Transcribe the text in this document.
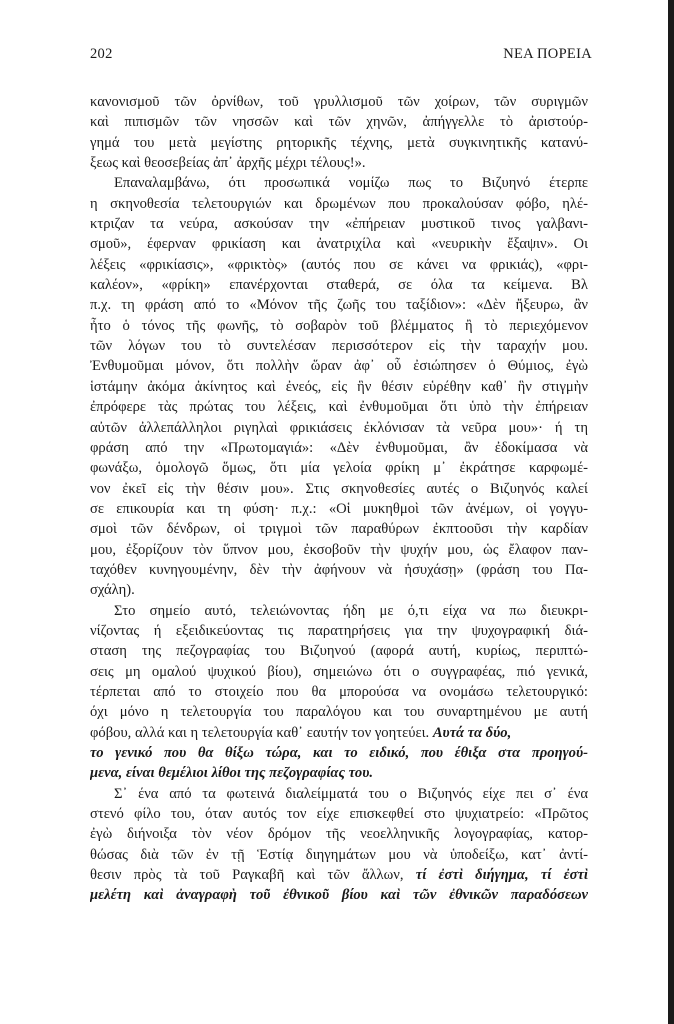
202	ΝΕΑ ΠΟΡΕΙΑ
κανονισμοῦ τῶν ὀρνίθων, τοῦ γρυλλισμοῦ τῶν χοίρων, τῶν συριγμῶν
καὶ πιπισμῶν τῶν νησσῶν καὶ τῶν χηνῶν, ἀπήγγελλε τὸ ἀριστούρ-
γημά του μετὰ μεγίστης ρητορικῆς τέχνης, μετὰ συγκινητικῆς κατανύ-
ξεως καὶ θεοσεβείας ἀπ᾽ ἀρχῆς μέχρι τέλους!».
Επαναλαμβάνω, ότι προσωπικά νομίζω πως το Βιζυηνό έτερπε
η σκηνοθεσία τελετουργιών και δρωμένων που προκαλούσαν φόβο, ηλέ-
κτριζαν τα νεύρα, ασκούσαν την «ἐπήρειαν μυστικοῦ τινος γαλβανι-
σμοῦ», έφερναν φρικίαση και ἀνατριχίλα καὶ «νευρικὴν ἔξαψιν». Οι
λέξεις «φρικίασις», «φρικτὸς» (αυτός που σε κάνει να φρικιάς), «φρι-
καλέον», «φρίκη» επανέρχονται σταθερά, σε όλα τα κείμενα. Βλ
π.χ. τη φράση από το «Μόνον τῆς ζωῆς του ταξίδιον»: «Δὲν ἤξευρω, ἂν
ἦτο ὁ τόνος τῆς φωνῆς, τὸ σοβαρὸν τοῦ βλέμματος ἢ τὸ περιεχόμενον
τῶν λόγων του τὸ συντελέσαν περισσότερον εἰς τὴν ταραχήν μου.
Ἐνθυμοῦμαι μόνον, ὅτι πολλὴν ὥραν ἀφ᾽ οὗ ἐσιώπησεν ὁ Θύμιος, ἐγὼ
ἱστάμην ἀκόμα ἀκίνητος καὶ ἐνεός, εἰς ἣν θέσιν εὑρέθην καθ᾽ ἣν στιγμὴν
ἐπρόφερε τὰς πρώτας του λέξεις, καὶ ἐνθυμοῦμαι ὅτι ὑπὸ τὴν ἐπήρειαν
αὐτῶν ἀλλεπάλληλοι ριγηλαὶ φρικιάσεις ἐκλόνισαν τὰ νεῦρα μου»· ή τη
φράση από την «Πρωτομαγιά»: «Δὲν ἐνθυμοῦμαι, ἂν ἐδοκίμασα νὰ
φωνάξω, ὁμολογῶ ὅμως, ὅτι μία γελοία φρίκη μ᾽ ἐκράτησε καρφωμέ-
νον ἐκεῖ εἰς τὴν θέσιν μου». Στις σκηνοθεσίες αυτές ο Βιζυηνός καλεί
σε επικουρία και τη φύση· π.χ.: «Οἱ μυκηθμοὶ τῶν ἀνέμων, οἱ γογγυ-
σμοὶ τῶν δένδρων, οἱ τριγμοὶ τῶν παραθύρων ἐκπτοοῦσι τὴν καρδίαν
μου, ἐξορίζουν τὸν ὕπνον μου, ἐκσοβοῦν τὴν ψυχήν μου, ὡς ἔλαφον παν-
ταχόθεν κυνηγουμένην, δὲν τὴν ἀφήνουν νὰ ἡσυχάσῃ» (φράση του Πα-
σχάλη).
Στο σημείο αυτό, τελειώνοντας ήδη με ό,τι είχα να πω διευκρι-
νίζοντας ή εξειδικεύοντας τις παρατηρήσεις για την ψυχογραφική διά-
σταση της πεζογραφίας του Βιζυηνού (αφορά αυτή, κυρίως, περιπτώ-
σεις μη ομαλού ψυχικού βίου), σημειώνω ότι ο συγγραφέας, πιό γενικά,
τέρπεται από το στοιχείο που θα μπορούσα να ονομάσω τελετουργικό:
όχι μόνο η τελετουργία του παραλόγου και του συναρτημένου με αυτή
φόβου, αλλά και η τελετουργία καθ᾽ εαυτήν τον γοητεύει. Αυτά τα δύο,
το γενικό που θα θίξω τώρα, και το ειδικό, που έθιξα στα προηγού-
μενα, είναι θεμέλιοι λίθοι της πεζογραφίας του.
Σ᾽ ένα από τα φωτεινά διαλείμματά του ο Βιζυηνός είχε πει σ᾽ ένα
στενό φίλο του, όταν αυτός τον είχε επισκεφθεί στο ψυχιατρείο: «Πρῶτος
ἐγὼ διήνοιξα τὸν νέον δρόμον τῆς νεοελληνικῆς λογογραφίας, κατορ-
θώσας διὰ τῶν ἐν τῇ Ἑστίᾳ διηγημάτων μου νὰ ὑποδείξω, κατ᾽ ἀντί-
θεσιν πρὸς τὰ τοῦ Ραγκαβῆ καὶ τῶν ἄλλων, τί ἐστὶ διήγημα, τί ἐστὶ
μελέτη καὶ ἀναγραφὴ τοῦ ἐθνικοῦ βίου καὶ τῶν ἐθνικῶν παραδόσεων
